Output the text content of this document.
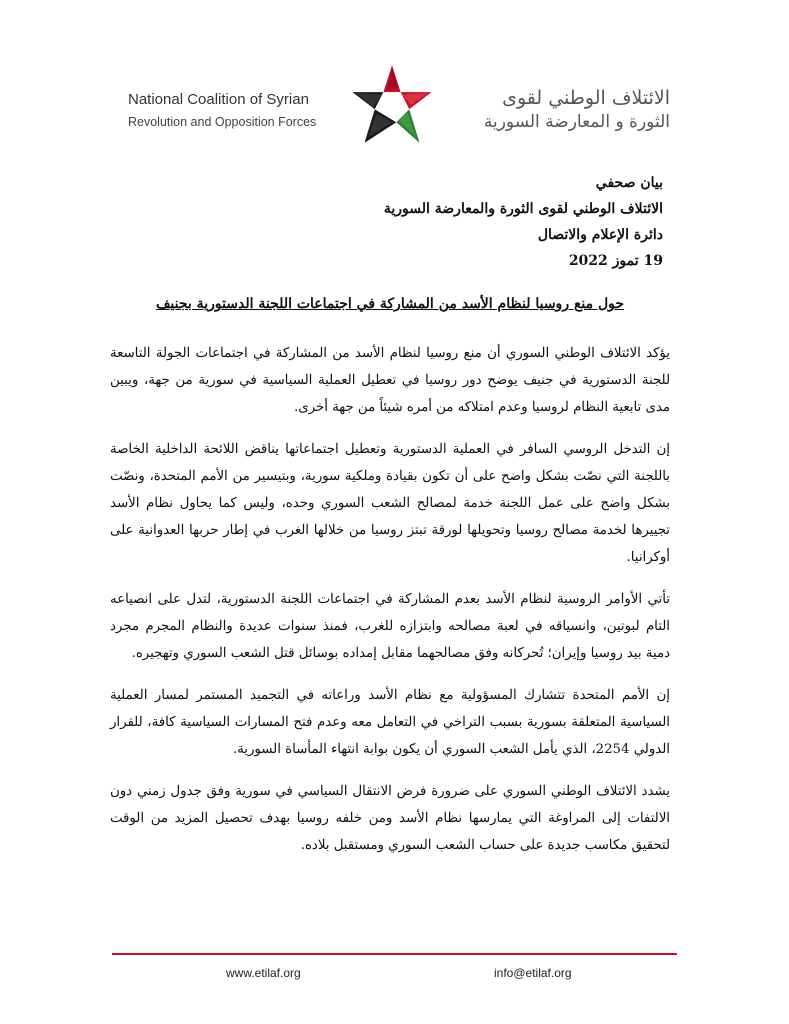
National Coalition of Syrian
Revolution and Opposition Forces
الائتلاف الوطني لقوى
الثورة و المعارضة السورية
بيان صحفي
الائتلاف الوطني لقوى الثورة والمعارضة السورية
دائرة الإعلام والاتصال
19 تموز 2022
حول منع روسيا لنظام الأسد من المشاركة في اجتماعات اللجنة الدستورية بجنيف

يؤكد الائتلاف الوطني السوري أن منع روسيا لنظام الأسد من المشاركة في اجتماعات الجولة التاسعة للجنة الدستورية في جنيف يوضح دور روسيا في تعطيل العملية السياسية في سورية من جهة، ويبين مدى تابعية النظام لروسيا وعدم امتلاكه من أمره شيئاً من جهة أخرى.

إن التدخل الروسي السافر في العملية الدستورية وتعطيل اجتماعاتها يناقض اللائحة الداخلية الخاصة باللجنة التي نصّت بشكل واضح على أن تكون بقيادة وملكية سورية، وبتيسير من الأمم المتحدة، ونصّت بشكل واضح على عمل اللجنة خدمة لمصالح الشعب السوري وحده، وليس كما يحاول نظام الأسد تجييرها لخدمة مصالح روسيا وتحويلها لورقة تبتز روسيا من خلالها الغرب في إطار حربها العدوانية على أوكرانيا.

تأتي الأوامر الروسية لنظام الأسد بعدم المشاركة في اجتماعات اللجنة الدستورية، لتدل على انصياعه التام لبوتين، وانسياقه في لعبة مصالحه وابتزازه للغرب، فمنذ سنوات عديدة والنظام المجرم مجرد دمية بيد روسيا وإيران؛ تُحركانه وفق مصالحهما مقابل إمداده بوسائل قتل الشعب السوري وتهجيره.

إن الأمم المتحدة تتشارك المسؤولية مع نظام الأسد وراعاته في التجميد المستمر لمسار العملية السياسية المتعلقة بسورية بسبب التراخي في التعامل معه وعدم فتح المسارات السياسية كافة، للقرار الدولي 2254، الذي يأمل الشعب السوري أن يكون بوابة انتهاء المأساة السورية.

يشدد الائتلاف الوطني السوري على ضرورة فرض الانتقال السياسي في سورية وفق جدول زمني دون الالتفات إلى المراوغة التي يمارسها نظام الأسد ومن خلفه روسيا بهدف تحصيل المزيد من الوقت لتحقيق مكاسب جديدة على حساب الشعب السوري ومستقبل بلاده.

www.etilaf.org	info@etilaf.org
